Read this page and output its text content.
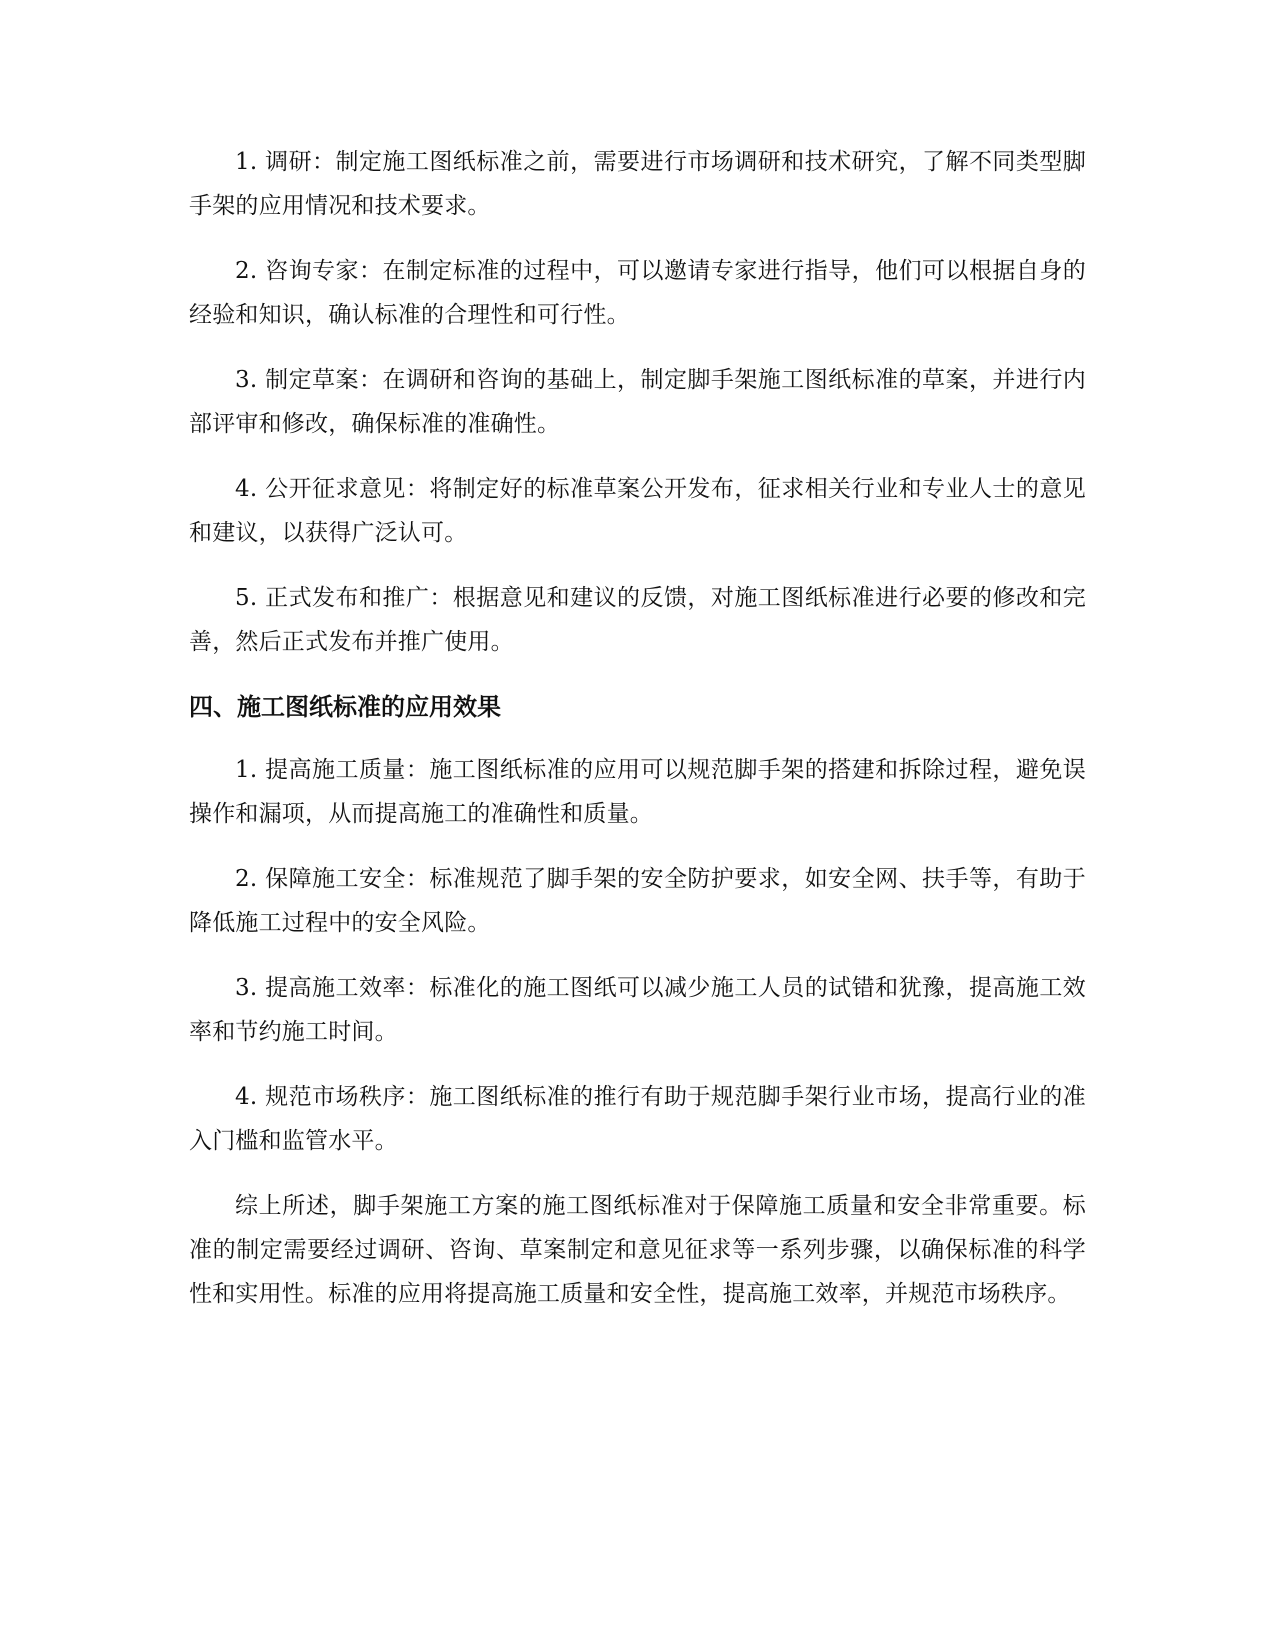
1. 调研：制定施工图纸标准之前，需要进行市场调研和技术研究，了解不同类型脚手架的应用情况和技术要求。

2. 咨询专家：在制定标准的过程中，可以邀请专家进行指导，他们可以根据自身的经验和知识，确认标准的合理性和可行性。

3. 制定草案：在调研和咨询的基础上，制定脚手架施工图纸标准的草案，并进行内部评审和修改，确保标准的准确性。

4. 公开征求意见：将制定好的标准草案公开发布，征求相关行业和专业人士的意见和建议，以获得广泛认可。

5. 正式发布和推广：根据意见和建议的反馈，对施工图纸标准进行必要的修改和完善，然后正式发布并推广使用。

四、施工图纸标准的应用效果

1. 提高施工质量：施工图纸标准的应用可以规范脚手架的搭建和拆除过程，避免误操作和漏项，从而提高施工的准确性和质量。

2. 保障施工安全：标准规范了脚手架的安全防护要求，如安全网、扶手等，有助于降低施工过程中的安全风险。

3. 提高施工效率：标准化的施工图纸可以减少施工人员的试错和犹豫，提高施工效率和节约施工时间。

4. 规范市场秩序：施工图纸标准的推行有助于规范脚手架行业市场，提高行业的准入门槛和监管水平。

综上所述，脚手架施工方案的施工图纸标准对于保障施工质量和安全非常重要。标准的制定需要经过调研、咨询、草案制定和意见征求等一系列步骤，以确保标准的科学性和实用性。标准的应用将提高施工质量和安全性，提高施工效率，并规范市场秩序。
